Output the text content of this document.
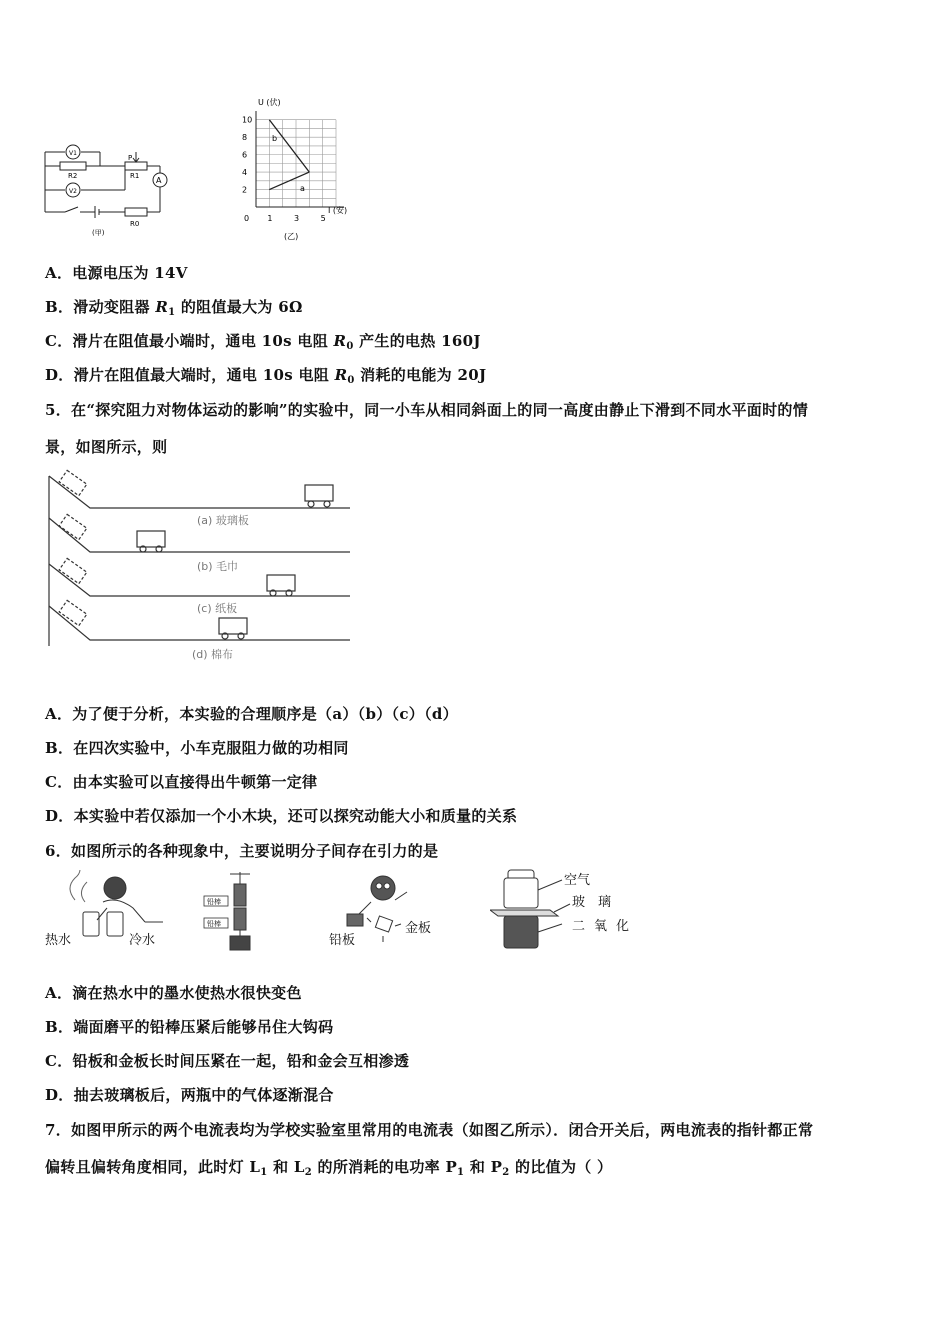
V1
V2
R2
P
R1 A
R0
(甲)
10
8
6
4
2
0 1	3	5
U (伏)
I (安)
a
b
(乙)
A．电源电压为 14V
B．滑动变阻器 $R_1$ 的阻值最大为 6Ω
C．滑片在阻值最小端时，通电 10s 电阻 $R_0$ 产生的电热 160J
D．滑片在阻值最大端时，通电 10s 电阻 $R_0$ 消耗的电能为 20J
5．在“探究阻力对物体运动的影响”的实验中，同一小车从相同斜面上的同一高度由静止下滑到不同水平面时的情
景，如图所示，则
(a) 玻璃板
(b) 毛巾
(c) 纸板
(d) 棉布
A．为了便于分析，本实验的合理顺序是（a）（b）（c）（d）
B．在四次实验中，小车克服阻力做的功相同
C．由本实验可以直接得出牛顿第一定律
D．本实验中若仅添加一个小木块，还可以探究动能大小和质量的关系
6．如图所示的各种现象中，主要说明分子间存在引力的是
热水	冷水
铅棒
铅棒
铅板
金板
空气
玻 璃
二 氧 化
A．滴在热水中的墨水使热水很快变色
B．端面磨平的铅棒压紧后能够吊住大钩码
C．铅板和金板长时间压紧在一起，铅和金会互相渗透
D．抽去玻璃板后，两瓶中的气体逐渐混合
7．如图甲所示的两个电流表均为学校实验室里常用的电流表（如图乙所示）．闭合开关后，两电流表的指针都正常
偏转且偏转角度相同，此时灯 $L_1$ 和 $L_2$ 的所消耗的电功率 $P_1$ 和 $P_2$ 的比值为（ ）
